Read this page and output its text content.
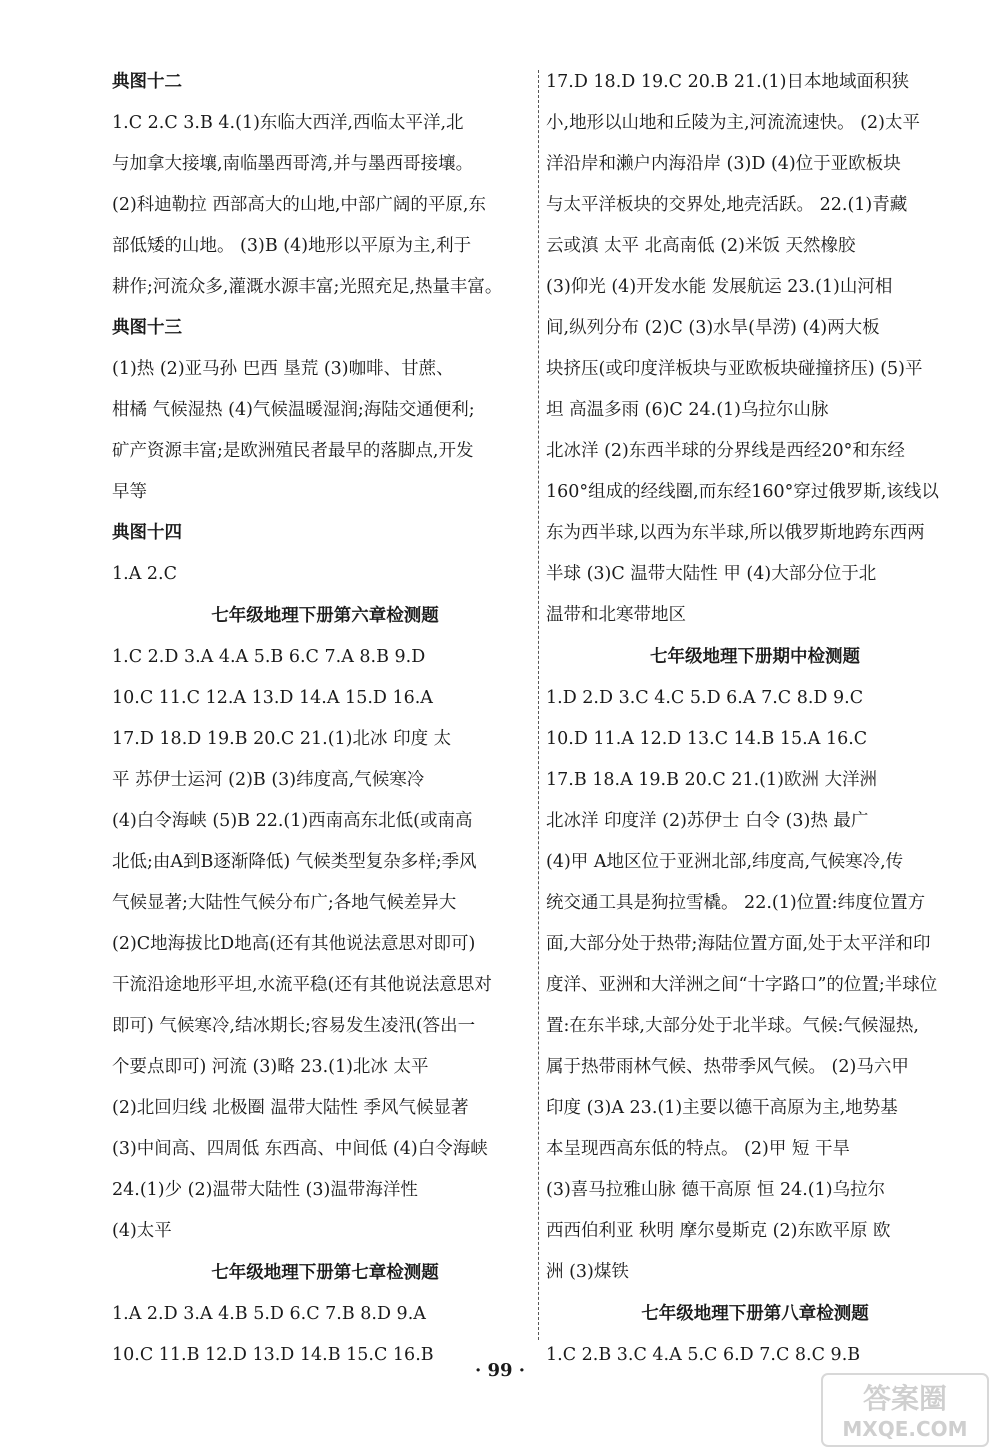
典图十二
1.C 2.C 3.B 4.(1)东临大西洋,西临太平洋,北
与加拿大接壤,南临墨西哥湾,并与墨西哥接壤。
(2)科迪勒拉 西部高大的山地,中部广阔的平原,东
部低矮的山地。 (3)B (4)地形以平原为主,利于
耕作;河流众多,灌溉水源丰富;光照充足,热量丰富。
典图十三
(1)热 (2)亚马孙 巴西 垦荒 (3)咖啡、甘蔗、
柑橘 气候湿热 (4)气候温暖湿润;海陆交通便利;
矿产资源丰富;是欧洲殖民者最早的落脚点,开发
早等
典图十四
1.A 2.C
七年级地理下册第六章检测题
1.C 2.D 3.A 4.A 5.B 6.C 7.A 8.B 9.D
10.C 11.C 12.A 13.D 14.A 15.D 16.A
17.D 18.D 19.B 20.C 21.(1)北冰 印度 太
平 苏伊士运河 (2)B (3)纬度高,气候寒冷
(4)白令海峡 (5)B 22.(1)西南高东北低(或南高
北低;由A到B逐渐降低) 气候类型复杂多样;季风
气候显著;大陆性气候分布广;各地气候差异大
(2)C地海拔比D地高(还有其他说法意思对即可)
干流沿途地形平坦,水流平稳(还有其他说法意思对
即可) 气候寒冷,结冰期长;容易发生凌汛(答出一
个要点即可) 河流 (3)略 23.(1)北冰 太平
(2)北回归线 北极圈 温带大陆性 季风气候显著
(3)中间高、四周低 东西高、中间低 (4)白令海峡
24.(1)少 (2)温带大陆性 (3)温带海洋性
(4)太平
七年级地理下册第七章检测题
1.A 2.D 3.A 4.B 5.D 6.C 7.B 8.D 9.A
10.C 11.B 12.D 13.D 14.B 15.C 16.B
17.D 18.D 19.C 20.B 21.(1)日本地域面积狭
小,地形以山地和丘陵为主,河流流速快。 (2)太平
洋沿岸和濑户内海沿岸 (3)D (4)位于亚欧板块
与太平洋板块的交界处,地壳活跃。 22.(1)青藏
云或滇 太平 北高南低 (2)米饭 天然橡胶
(3)仰光 (4)开发水能 发展航运 23.(1)山河相
间,纵列分布 (2)C (3)水旱(旱涝) (4)两大板
块挤压(或印度洋板块与亚欧板块碰撞挤压) (5)平
坦 高温多雨 (6)C 24.(1)乌拉尔山脉
北冰洋 (2)东西半球的分界线是西经20°和东经
160°组成的经线圈,而东经160°穿过俄罗斯,该线以
东为西半球,以西为东半球,所以俄罗斯地跨东西两
半球 (3)C 温带大陆性 甲 (4)大部分位于北
温带和北寒带地区
七年级地理下册期中检测题
1.D 2.D 3.C 4.C 5.D 6.A 7.C 8.D 9.C
10.D 11.A 12.D 13.C 14.B 15.A 16.C
17.B 18.A 19.B 20.C 21.(1)欧洲 大洋洲
北冰洋 印度洋 (2)苏伊士 白令 (3)热 最广
(4)甲 A地区位于亚洲北部,纬度高,气候寒冷,传
统交通工具是狗拉雪橇。 22.(1)位置:纬度位置方
面,大部分处于热带;海陆位置方面,处于太平洋和印
度洋、亚洲和大洋洲之间“十字路口”的位置;半球位
置:在东半球,大部分处于北半球。气候:气候湿热,
属于热带雨林气候、热带季风气候。 (2)马六甲
印度 (3)A 23.(1)主要以德干高原为主,地势基
本呈现西高东低的特点。 (2)甲 短 干旱
(3)喜马拉雅山脉 德干高原 恒 24.(1)乌拉尔
西西伯利亚 秋明 摩尔曼斯克 (2)东欧平原 欧
洲 (3)煤铁
七年级地理下册第八章检测题
1.C 2.B 3.C 4.A 5.C 6.D 7.C 8.C 9.B
· 99 ·
答案圈
MXQE.COM
